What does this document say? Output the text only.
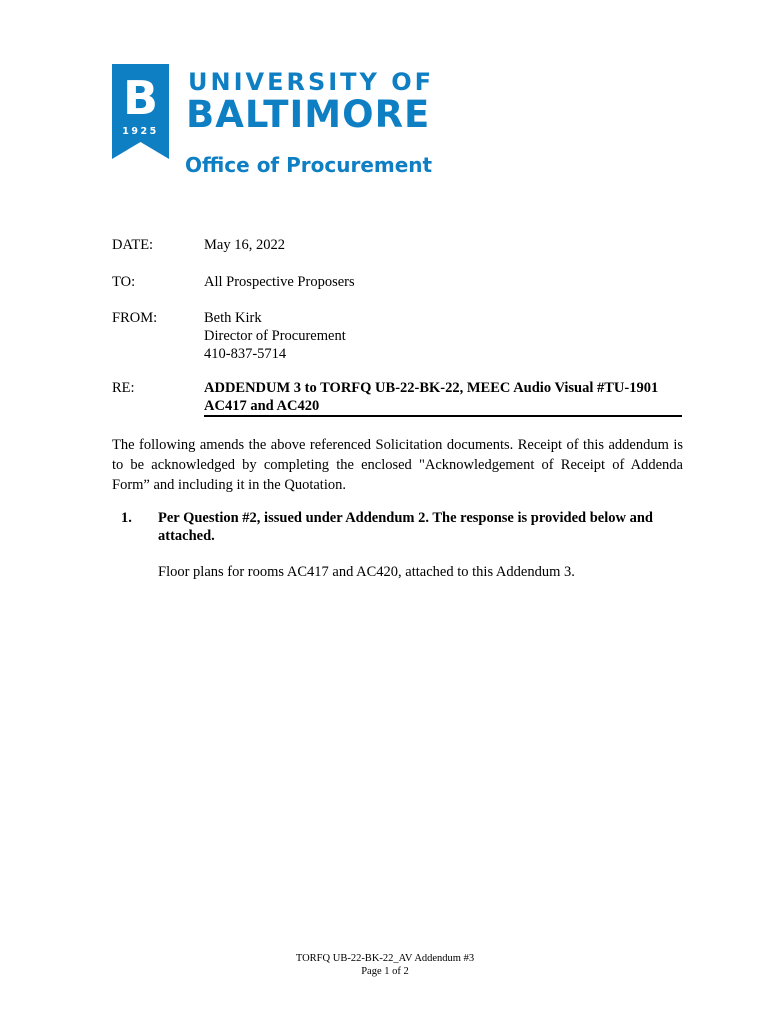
B
1925
UNIVERSITY OF
BALTIMORE
Office of Procurement
DATE:	May 16, 2022
TO:	All Prospective Proposers
FROM:	Beth Kirk
Director of Procurement
410-837-5714
RE:	ADDENDUM 3 to TORFQ UB-22-BK-22, MEEC Audio Visual #TU-1901
AC417 and AC420
The following amends the above referenced Solicitation documents. Receipt of this addendum is to be acknowledged by completing the enclosed "Acknowledgement of Receipt of Addenda Form” and including it in the Quotation.
1. Per Question #2, issued under Addendum 2. The response is provided below and attached.
Floor plans for rooms AC417 and AC420, attached to this Addendum 3.
TORFQ UB-22-BK-22_AV Addendum #3
Page 1 of 2
